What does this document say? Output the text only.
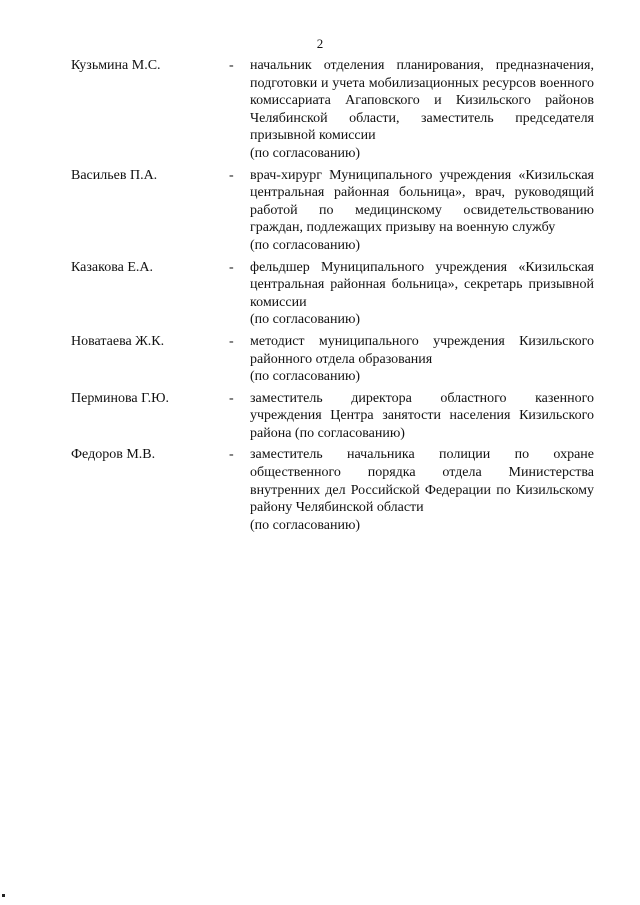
2
Кузьмина М.С.	- начальник отделения планирования, предназначения, подготовки и учета мобилизационных ресурсов военного комиссариата Агаповского и Кизильского районов Челябинской области, заместитель председателя призывной комиссии
(по согласованию)
Васильев П.А.	- врач-хирург Муниципального учреждения «Кизильская центральная районная больница», врач, руководящий работой по медицинскому освидетельствованию граждан, подлежащих призыву на военную службу
(по согласованию)
Казакова Е.А.	- фельдшер Муниципального учреждения «Кизильская центральная районная больница», секретарь призывной комиссии
(по согласованию)
Новатаева Ж.К.	- методист муниципального учреждения Кизильского районного отдела образования
(по согласованию)
Перминова Г.Ю.	- заместитель директора областного казенного учреждения Центра занятости населения Кизильского района (по согласованию)
Федоров М.В.	- заместитель начальника полиции по охране общественного порядка отдела Министерства внутренних дел Российской Федерации по Кизильскому району Челябинской области
(по согласованию)
